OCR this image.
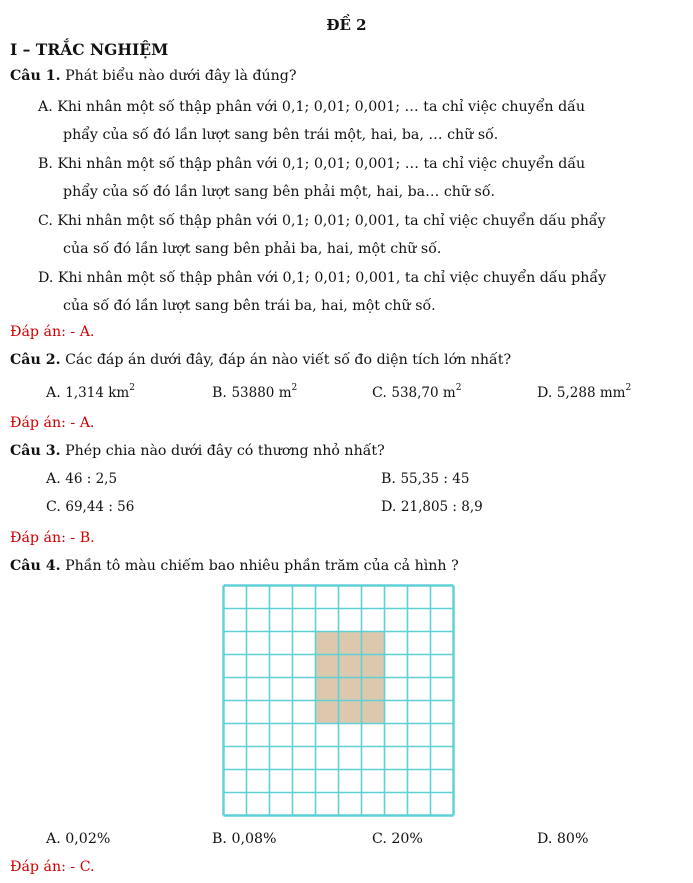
ĐỀ 2
I – TRẮC NGHIỆM
Câu 1. Phát biểu nào dưới đây là đúng?
A. Khi nhân một số thập phân với 0,1; 0,01; 0,001; … ta chỉ việc chuyển dấu
phẩy của số đó lần lượt sang bên trái một, hai, ba, … chữ số.
B. Khi nhân một số thập phân với 0,1; 0,01; 0,001; … ta chỉ việc chuyển dấu
phẩy của số đó lần lượt sang bên phải một, hai, ba… chữ số.
C. Khi nhân một số thập phân với 0,1; 0,01; 0,001, ta chỉ việc chuyển dấu phẩy
của số đó lần lượt sang bên phải ba, hai, một chữ số.
D. Khi nhân một số thập phân với 0,1; 0,01; 0,001, ta chỉ việc chuyển dấu phẩy
của số đó lần lượt sang bên trái ba, hai, một chữ số.
Đáp án: - A.
Câu 2. Các đáp án dưới đây, đáp án nào viết số đo diện tích lớn nhất?
A. 1,314 $km^2$	B. 53880 $m^2$	C. 538,70 $m^2$	D. 5,288 $mm^2$
Đáp án: - A.
Câu 3. Phép chia nào dưới đây có thương nhỏ nhất?
A. 46 : 2,5	B. 55,35 : 45
C. 69,44 : 56	D. 21,805 : 8,9
Đáp án: - B.
Câu 4. Phần tô màu chiếm bao nhiêu phần trăm của cả hình ?
A. 0,02%	B. 0,08%	C. 20%	D. 80%
Đáp án: - C.
